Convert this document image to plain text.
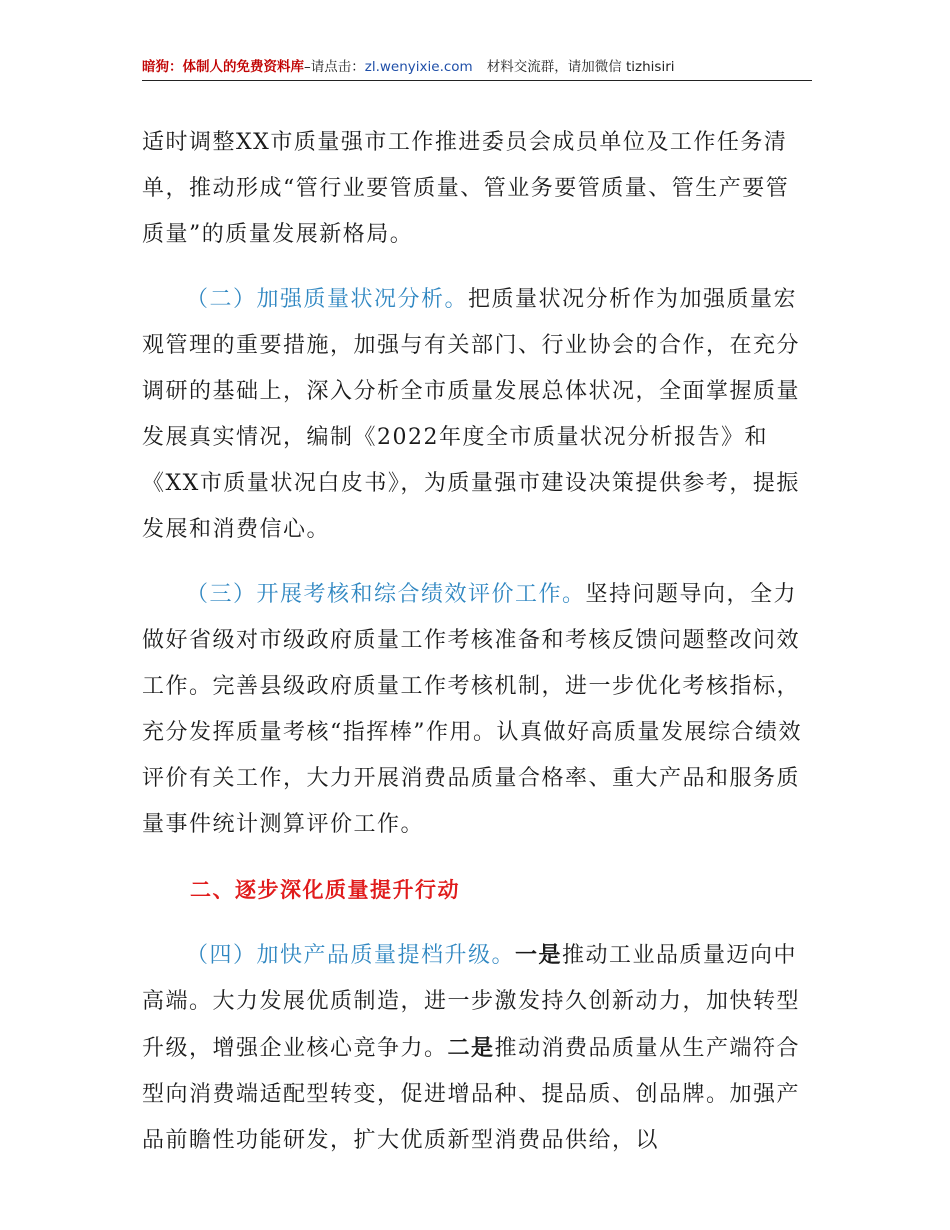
暗狗：体制人的免费资料库–请点击：zl.wenyixie.com 材料交流群，请加微信 tizhisiri

适时调整XX市质量强市工作推进委员会成员单位及工作任务清单，推动形成“管行业要管质量、管业务要管质量、管生产要管质量”的质量发展新格局。

（二）加强质量状况分析。把质量状况分析作为加强质量宏观管理的重要措施，加强与有关部门、行业协会的合作，在充分调研的基础上，深入分析全市质量发展总体状况，全面掌握质量发展真实情况，编制《2022年度全市质量状况分析报告》和《XX市质量状况白皮书》，为质量强市建设决策提供参考，提振发展和消费信心。

（三）开展考核和综合绩效评价工作。坚持问题导向，全力做好省级对市级政府质量工作考核准备和考核反馈问题整改问效工作。完善县级政府质量工作考核机制，进一步优化考核指标，充分发挥质量考核“指挥棒”作用。认真做好高质量发展综合绩效评价有关工作，大力开展消费品质量合格率、重大产品和服务质量事件统计测算评价工作。

二、逐步深化质量提升行动

（四）加快产品质量提档升级。一是推动工业品质量迈向中高端。大力发展优质制造，进一步激发持久创新动力，加快转型升级，增强企业核心竞争力。二是推动消费品质量从生产端符合型向消费端适配型转变，促进增品种、提品质、创品牌。加强产品前瞻性功能研发，扩大优质新型消费品供给，以
